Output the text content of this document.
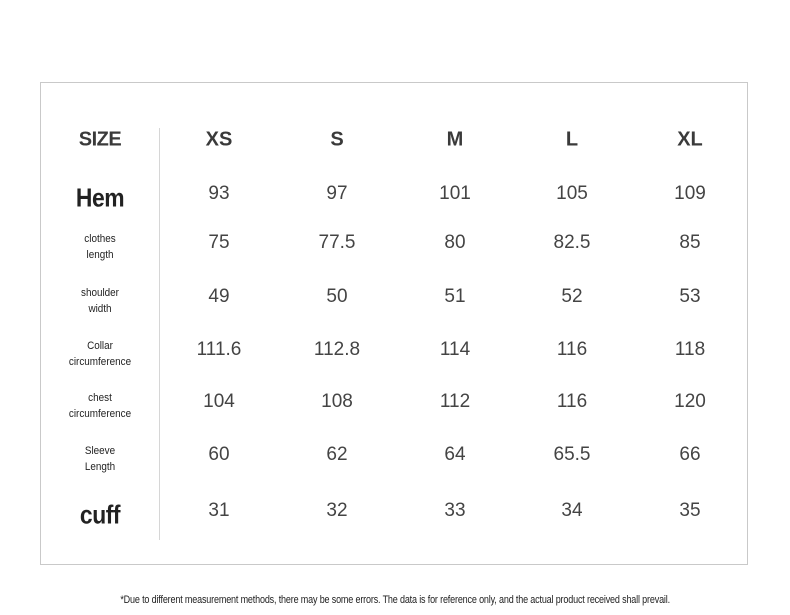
SIZE	XS	S	M	L	XL
Hem	93	97	101	105	109
clothes
length
75	77.5	80	82.5	85
shoulder
width
49	50	51	52	53
Collar
circumference
111.6	112.8	114	116	118
chest
circumference
104	108	112	116	120
Sleeve
Length
60	62	64	65.5	66
cuff	31	32	33	34	35
*Due to different measurement methods, there may be some errors. The data is for reference only, and the actual product received shall prevail.
